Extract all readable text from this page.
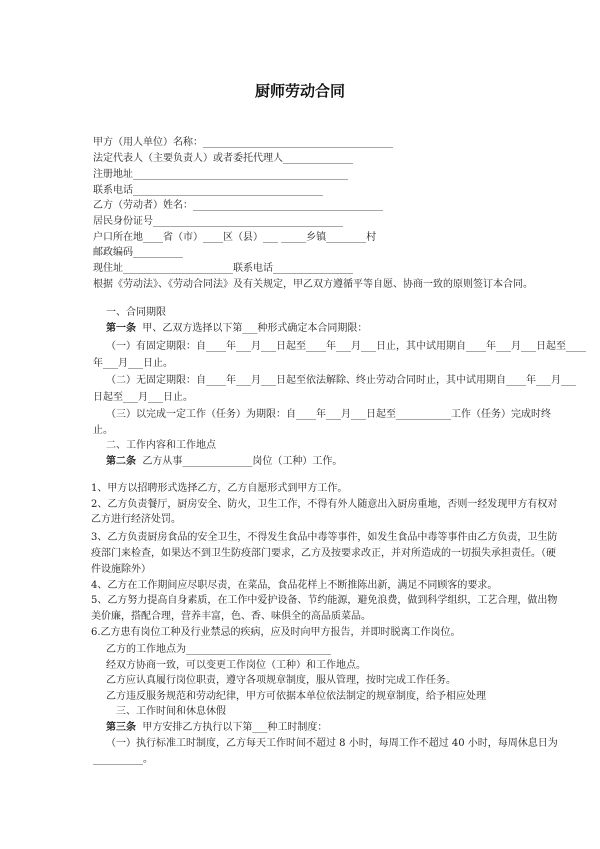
厨师劳动合同
甲方（用人单位）名称：______________________________________
法定代表人（主要负责人）或者委托代理人______________
注册地址___________________________________________
联系电话______________________________________
乙方（劳动者）姓名：______________________________________
居民身份证号______________________________________
户口所在地____省（市）____区（县）___ _____乡镇________村
邮政编码__________
现住址______________________联系电话________________
根据《劳动法》、《劳动合同法》及有关规定，甲乙双方遵循平等自愿、协商一致的原则签订本合同。
一、合同期限
第一条  甲、乙双方选择以下第___种形式确定本合同期限：
（一）有固定期限：自____年___月___日起至____年___月___日止，其中试用期自____年___月___日起至____
年___月___日止。
（二）无固定期限：自____年___月___日起至依法解除、终止劳动合同时止，其中试用期自____年___月___
日起至___月___日止。
（三）以完成一定工作（任务）为期限：自____年___月___日起至___________工作（任务）完成时终
止。
二、工作内容和工作地点
第二条  乙方从事______________岗位（工种）工作。
1、甲方以招聘形式选择乙方，乙方自愿形式到甲方工作。
2、乙方负责餐厅，厨房安全、防火，卫生工作，不得有外人随意出入厨房重地，否则一经发现甲方有权对
乙方进行经济处罚。
3、乙方负责厨房食品的安全卫生，不得发生食品中毒等事件，如发生食品中毒等事件由乙方负责，卫生防
疫部门来检查，如果达不到卫生防疫部门要求，乙方及按要求改正，并对所造成的一切损失承担责任。（硬
件设施除外）
4、乙方在工作期间应尽职尽责，在菜品，食品花样上不断推陈出新，满足不同顾客的要求。
5、乙方努力提高自身素质，在工作中爱护设备、节约能源，避免浪费，做到科学组织，工艺合理，做出物
美价廉，搭配合理，营养丰富，色、香、味俱全的高品质菜品。
6.乙方患有岗位工种及行业禁忌的疾病，应及时向甲方报告，并即时脱离工作岗位。
乙方的工作地点为_____________________________
经双方协商一致，可以变更工作岗位（工种）和工作地点。
乙方应认真履行岗位职责，遵守各项规章制度，服从管理，按时完成工作任务。
乙方违反服务规范和劳动纪律，甲方可依据本单位依法制定的规章制度，给予相应处理
三、工作时间和休息休假
第三条  甲方安排乙方执行以下第___种工时制度：
（一）执行标准工时制度，乙方每天工作时间不超过 8 小时，每周工作不超过 40 小时，每周休息日为
__________。
